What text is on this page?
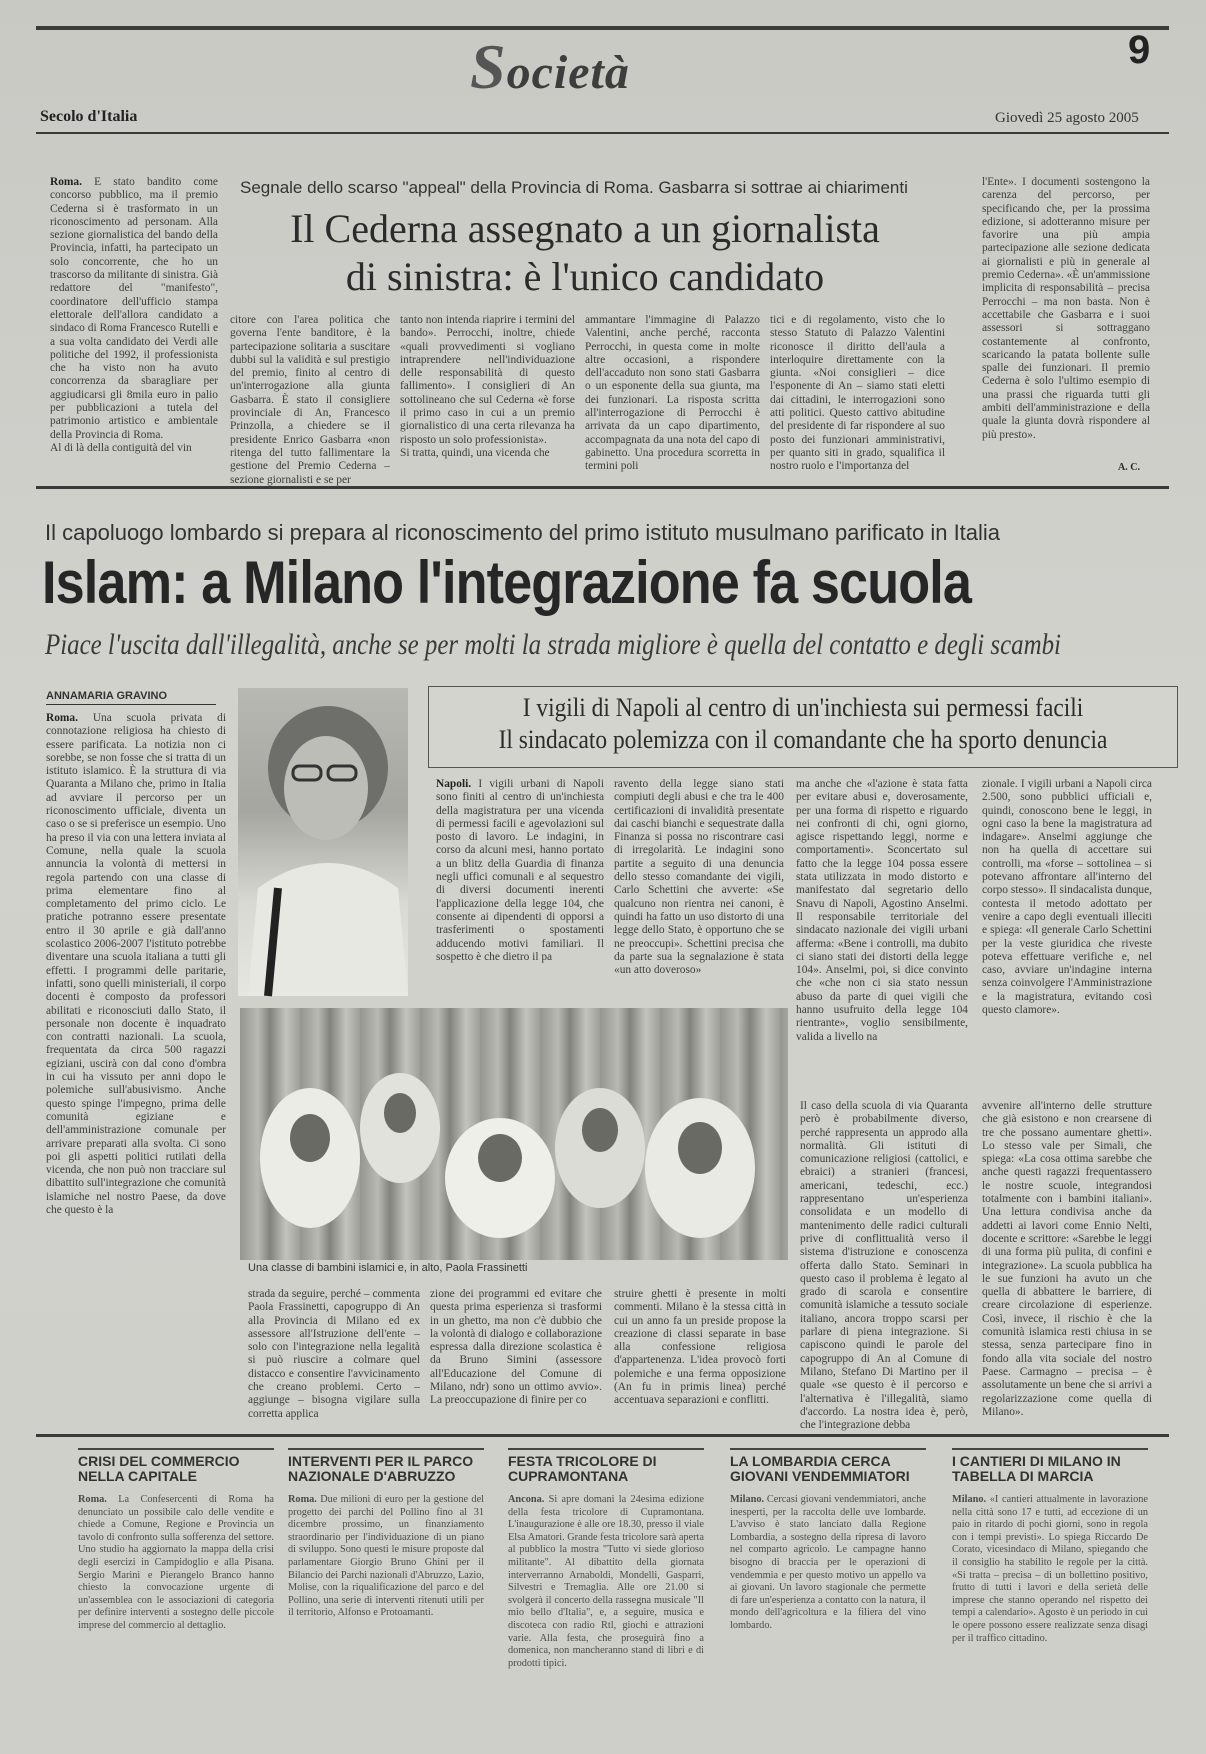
Società	9
Secolo d'Italia	Giovedì 25 agosto 2005
Segnale dello scarso "appeal" della Provincia di Roma. Gasbarra si sottrae ai chiarimenti
Il Cederna assegnato a un giornalista
di sinistra: è l'unico candidato
Roma. E stato bandito come concorso pubblico, ma il premio Cederna si è trasformato in un riconoscimento ad personam. Alla sezione giornalistica del bando della Provincia, infatti, ha partecipato un solo concorrente, che ho un trascorso da militante di sinistra. Già redattore del "manifesto", coordinatore dell'ufficio stampa elettorale dell'allora candidato a sindaco di Roma Francesco Rutelli e a sua volta candidato dei Verdi alle politiche del 1992, il professionista che ha visto non ha avuto concorrenza da sbaragliare per aggiudicarsi gli 8mila euro in palio per pubblicazioni a tutela del patrimonio artistico e ambientale della Provincia di Roma.
Al di là della contiguità del vin
citore con l'area politica che governa l'ente banditore, è la partecipazione solitaria a suscitare dubbi sul la validità e sul prestigio del premio, finito al centro di un'interrogazione alla giunta Gasbarra. È stato il consigliere provinciale di An, Francesco Prinzolla, a chiedere se il presidente Enrico Gasbarra «non ritenga del tutto fallimentare la gestione del Premio Cederna – sezione giornalisti e se per
tanto non intenda riaprire i termini del bando». Perrocchi, inoltre, chiede «quali provvedimenti si vogliano intraprendere nell'individuazione delle responsabilità di questo fallimento». I consiglieri di An sottolineano che sul Cederna «è forse il primo caso in cui a un premio giornalistico di una certa rilevanza ha risposto un solo professionista».
Si tratta, quindi, una vicenda che
ammantare l'immagine di Palazzo Valentini, anche perché, racconta Perrocchi, in questa come in molte altre occasioni, a rispondere dell'accaduto non sono stati Gasbarra o un esponente della sua giunta, ma dei funzionari. La risposta scritta all'interrogazione di Perrocchi è arrivata da un capo dipartimento, accompagnata da una nota del capo di gabinetto. Una procedura scorretta in termini poli
tici e di regolamento, visto che lo stesso Statuto di Palazzo Valentini riconosce il diritto dell'aula a interloquire direttamente con la giunta. «Noi consiglieri – dice l'esponente di An – siamo stati eletti dai cittadini, le interrogazioni sono atti politici. Questo cattivo abitudine del presidente di far rispondere al suo posto dei funzionari amministrativi, per quanto siti in grado, squalifica il nostro ruolo e l'importanza del
l'Ente». I documenti sostengono la carenza del percorso, per specificando che, per la prossima edizione, si adotteranno misure per favorire una più ampia partecipazione alle sezione dedicata ai giornalisti e più in generale al premio Cederna». «È un'ammissione implicita di responsabilità – precisa Perrocchi – ma non basta. Non è accettabile che Gasbarra e i suoi assessori si sottraggano costantemente al confronto, scaricando la patata bollente sulle spalle dei funzionari. Il premio Cederna è solo l'ultimo esempio di una prassi che riguarda tutti gli ambiti dell'amministrazione e della quale la giunta dovrà rispondere al più presto».
A. C.
Il capoluogo lombardo si prepara al riconoscimento del primo istituto musulmano parificato in Italia
Islam: a Milano l'integrazione fa scuola
Piace l'uscita dall'illegalità, anche se per molti la strada migliore è quella del contatto e degli scambi
ANNAMARIA GRAVINO
Roma. Una scuola privata di connotazione religiosa ha chiesto di essere parificata. La notizia non ci sorebbe, se non fosse che si tratta di un istituto islamico. È la struttura di via Quaranta a Milano che, primo in Italia ad avviare il percorso per un riconoscimento ufficiale, diventa un caso o se si preferisce un esempio. Uno ha preso il via con una lettera inviata al Comune, nella quale la scuola annuncia la volontà di mettersi in regola partendo con una classe di prima elementare fino al completamento del primo ciclo. Le pratiche potranno essere presentate entro il 30 aprile e già dall'anno scolastico 2006-2007 l'istituto potrebbe diventare una scuola italiana a tutti gli effetti. I programmi delle paritarie, infatti, sono quelli ministeriali, il corpo docenti è composto da professori abilitati e riconosciuti dallo Stato, il personale non docente è inquadrato con contratti nazionali. La scuola, frequentata da circa 500 ragazzi egiziani, uscirà con dal cono d'ombra in cui ha vissuto per anni dopo le polemiche sull'abusivismo. Anche questo spinge l'impegno, prima delle comunità egiziane e dell'amministrazione comunale per arrivare preparati alla svolta. Ci sono poi gli aspetti politici rutilati della vicenda, che non può non tracciare sul dibattito sull'integrazione che comunità islamiche nel nostro Paese, da dove che questo è la
I vigili di Napoli al centro di un'inchiesta sui permessi facili
Il sindacato polemizza con il comandante che ha sporto denuncia
Napoli. I vigili urbani di Napoli sono finiti al centro di un'inchiesta della magistratura per una vicenda di permessi facili e agevolazioni sul posto di lavoro. Le indagini, in corso da alcuni mesi, hanno portato a un blitz della Guardia di finanza negli uffici comunali e al sequestro di diversi documenti inerenti l'applicazione della legge 104, che consente ai dipendenti di opporsi a trasferimenti o spostamenti adducendo motivi familiari. Il sospetto è che dietro il pa
ravento della legge siano stati compiuti degli abusi e che tra le 400 certificazioni di invalidità presentate dai caschi bianchi e sequestrate dalla Finanza si possa no riscontrare casi di irregolarità. Le indagini sono partite a seguito di una denuncia dello stesso comandante dei vigili, Carlo Schettini che avverte: «Se qualcuno non rientra nei canoni, è quindi ha fatto un uso distorto di una legge dello Stato, è opportuno che se ne preoccupi». Schettini precisa che da parte sua la segnalazione è stata «un atto doveroso»
ma anche che «l'azione è stata fatta per evitare abusi e, doverosamente, per una forma di rispetto e riguardo nei confronti di chi, ogni giorno, agisce rispettando leggi, norme e comportamenti». Sconcertato sul fatto che la legge 104 possa essere stata utilizzata in modo distorto e manifestato dal segretario dello Snavu di Napoli, Agostino Anselmi. Il responsabile territoriale del sindacato nazionale dei vigili urbani afferma: «Bene i controlli, ma dubito ci siano stati dei distorti della legge 104». Anselmi, poi, si dice convinto che «che non ci sia stato nessun abuso da parte di quei vigili che hanno usufruito della legge 104 rientrante», voglio sensibilmente, valida a livello na
zionale. I vigili urbani a Napoli circa 2.500, sono pubblici ufficiali e, quindi, conoscono bene le leggi, in ogni caso la bene la magistratura ad indagare». Anselmi aggiunge che non ha quella di accettare sui controlli, ma «forse – sottolinea – si potevano affrontare all'interno del corpo stesso». Il sindacalista dunque, contesta il metodo adottato per venire a capo degli eventuali illeciti e spiega: «Il generale Carlo Schettini per la veste giuridica che riveste poteva effettuare verifiche e, nel caso, avviare un'indagine interna senza coinvolgere l'Amministrazione e la magistratura, evitando così questo clamore».
Una classe di bambini islamici e, in alto, Paola Frassinetti
Il caso della scuola di via Quaranta però è probabilmente diverso, perché rappresenta un approdo alla normalità. Gli istituti di comunicazione religiosi (cattolici, e ebraici) a stranieri (francesi, americani, tedeschi, ecc.) rappresentano un'esperienza consolidata e un modello di mantenimento delle radici culturali prive di conflittualità verso il sistema d'istruzione e conoscenza offerta dallo Stato. Seminari in questo caso il problema è legato al grado di scarola e consentire comunità islamiche a tessuto sociale italiano, ancora troppo scarsi per parlare di piena integrazione. Si capiscono quindi le parole del capogruppo di An al Comune di Milano, Stefano Di Martino per il quale «se questo è il percorso e l'alternativa è l'illegalità, siamo d'accordo. La nostra idea è, però, che l'integrazione debba
avvenire all'interno delle strutture che già esistono e non crearsene di tre che possano aumentare ghetti». Lo stesso vale per Simali, che spiega: «La cosa ottima sarebbe che anche questi ragazzi frequentassero le nostre scuole, integrandosi totalmente con i bambini italiani». Una lettura condivisa anche da addetti ai lavori come Ennio Nelti, docente e scrittore: «Sarebbe le leggi di una forma più pulita, di confini e integrazione». La scuola pubblica ha le sue funzioni ha avuto un che quella di abbattere le barriere, di creare circolazione di esperienze. Così, invece, il rischio è che la comunità islamica resti chiusa in se stessa, senza partecipare fino in fondo alla vita sociale del nostro Paese. Carmagno – precisa – è assolutamente un bene che si arrivi a regolarizzazione come quella di Milano».
strada da seguire, perché – commenta Paola Frassinetti, capogruppo di An alla Provincia di Milano ed ex assessore all'Istruzione dell'ente – solo con l'integrazione nella legalità si può riuscire a colmare quel distacco e consentire l'avvicinamento che creano problemi. Certo – aggiunge – bisogna vigilare sulla corretta applica
zione dei programmi ed evitare che questa prima esperienza si trasformi in un ghetto, ma non c'è dubbio che la volontà di dialogo e collaborazione espressa dalla direzione scolastica è da Bruno Simini (assessore all'Educazione del Comune di Milano, ndr) sono un ottimo avvio». La preoccupazione di finire per co
struire ghetti è presente in molti commenti. Milano è la stessa città in cui un anno fa un preside propose la creazione di classi separate in base alla confessione religiosa d'appartenenza. L'idea provocò forti polemiche e una ferma opposizione (An fu in primis linea) perché accentuava separazioni e conflitti.
CRISI DEL COMMERCIO NELLA CAPITALE
Roma. La Confesercenti di Roma ha denunciato un possibile calo delle vendite e chiede a Comune, Regione e Provincia un tavolo di confronto sulla sofferenza del settore. Uno studio ha aggiornato la mappa della crisi degli esercizi in Campidoglio e alla Pisana. Sergio Marini e Pierangelo Branco hanno chiesto la convocazione urgente di un'assemblea con le associazioni di categoria per definire interventi a sostegno delle piccole imprese del commercio al dettaglio.
INTERVENTI PER IL PARCO NAZIONALE D'ABRUZZO
Roma. Due milioni di euro per la gestione del progetto dei parchi del Pollino fino al 31 dicembre prossimo, un finanziamento straordinario per l'individuazione di un piano di sviluppo. Sono questi le misure proposte dal parlamentare Giorgio Bruno Ghini per il Bilancio dei Parchi nazionali d'Abruzzo, Lazio, Molise, con la riqualificazione del parco e del Pollino, una serie di interventi ritenuti utili per il territorio, Alfonso e Protoamanti.
FESTA TRICOLORE DI CUPRAMONTANA
Ancona. Si apre domani la 24esima edizione della festa tricolore di Cupramontana. L'inaugurazione è alle ore 18.30, presso il viale Elsa Amatori. Grande festa tricolore sarà aperta al pubblico la mostra "Tutto vi siede glorioso militante". Al dibattito della giornata interverranno Arnaboldi, Mondelli, Gasparri, Silvestri e Tremaglia. Alle ore 21.00 si svolgerà il concerto della rassegna musicale "Il mio bello d'Italia", e, a seguire, musica e discoteca con radio Rtl, giochi e attrazioni varie. Alla festa, che proseguirà fino a domenica, non mancheranno stand di libri e di prodotti tipici.
LA LOMBARDIA CERCA GIOVANI VENDEMMIATORI
Milano. Cercasi giovani vendemmiatori, anche inesperti, per la raccolta delle uve lombarde. L'avviso è stato lanciato dalla Regione Lombardia, a sostegno della ripresa di lavoro nel comparto agricolo. Le campagne hanno bisogno di braccia per le operazioni di vendemmia e per questo motivo un appello va ai giovani. Un lavoro stagionale che permette di fare un'esperienza a contatto con la natura, il mondo dell'agricoltura e la filiera del vino lombardo.
I CANTIERI DI MILANO IN TABELLA DI MARCIA
Milano. «I cantieri attualmente in lavorazione nella città sono 17 e tutti, ad eccezione di un paio in ritardo di pochi giorni, sono in regola con i tempi previsti». Lo spiega Riccardo De Corato, vicesindaco di Milano, spiegando che il consiglio ha stabilito le regole per la città. «Si tratta – precisa – di un bollettino positivo, frutto di tutti i lavori e della serietà delle imprese che stanno operando nel rispetto dei tempi a calendario». Agosto è un periodo in cui le opere possono essere realizzate senza disagi per il traffico cittadino.
